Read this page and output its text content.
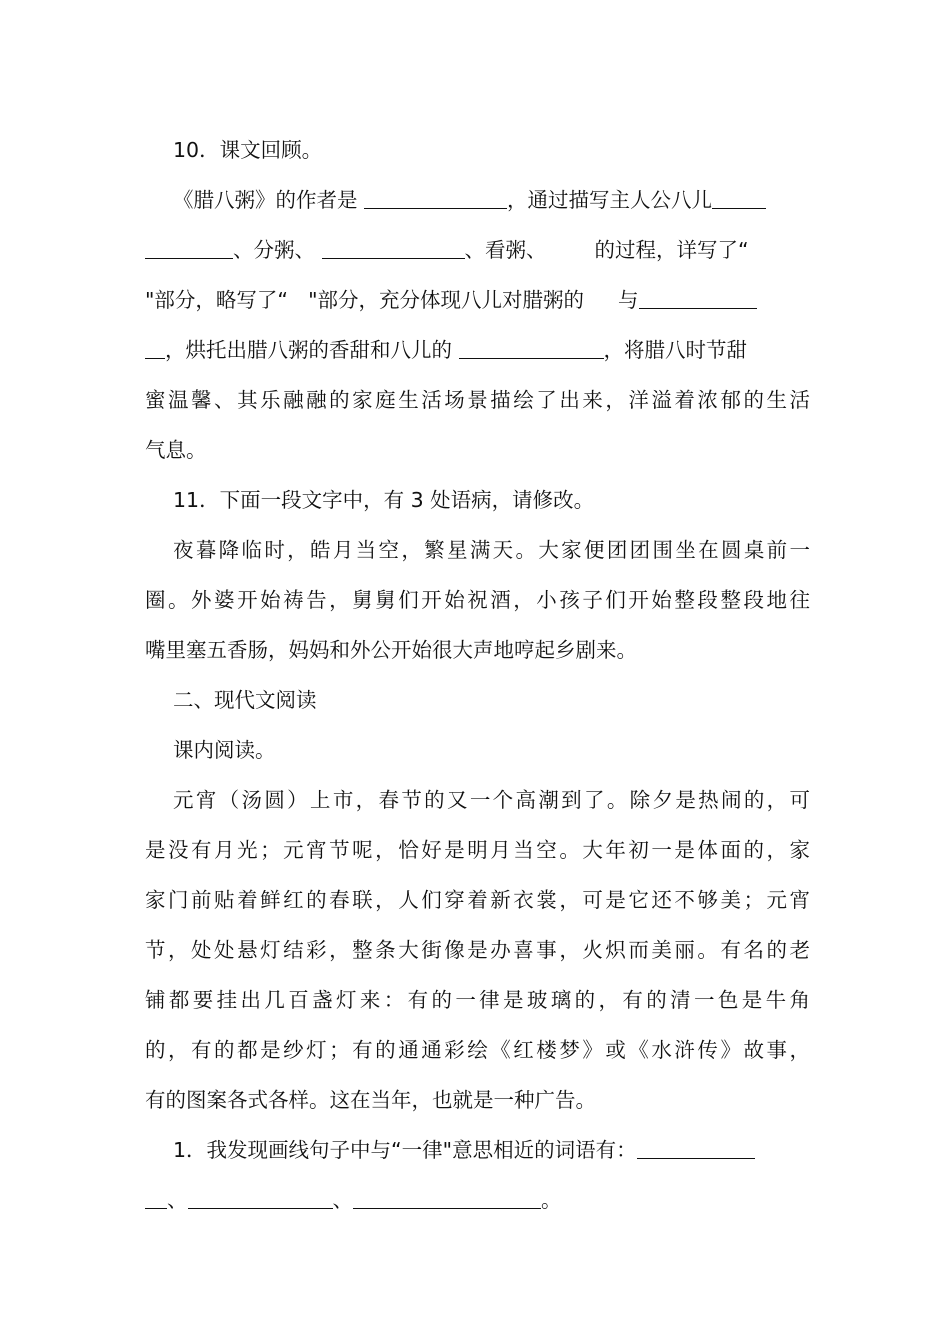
10．课文回顾。
《腊八粥》的作者是	，通过描写主人公八儿
、分粥、	、看粥、 的过程，详写了“
"部分，略写了“ "部分，充分体现八儿对腊粥的 与
，烘托出腊八粥的香甜和八儿的	，将腊八时节甜
蜜温馨、其乐融融的家庭生活场景描绘了出来，洋溢着浓郁的生活
气息。
11．下面一段文字中，有 3 处语病，请修改。
夜暮降临时，皓月当空，繁星满天。大家便团团围坐在圆桌前一
圈。外婆开始祷告，舅舅们开始祝酒，小孩子们开始整段整段地往
嘴里塞五香肠，妈妈和外公开始很大声地哼起乡剧来。
二、现代文阅读
课内阅读。
元宵（汤圆）上市，春节的又一个高潮到了。除夕是热闹的，可
是没有月光；元宵节呢，恰好是明月当空。大年初一是体面的，家
家门前贴着鲜红的春联，人们穿着新衣裳，可是它还不够美；元宵
节，处处悬灯结彩，整条大街像是办喜事，火炽而美丽。有名的老
铺都要挂出几百盏灯来：有的一律是玻璃的，有的清一色是牛角
的，有的都是纱灯；有的通通彩绘《红楼梦》或《水浒传》故事，
有的图案各式各样。这在当年，也就是一种广告。
1．我发现画线句子中与“一律"意思相近的词语有：
、	、	。
